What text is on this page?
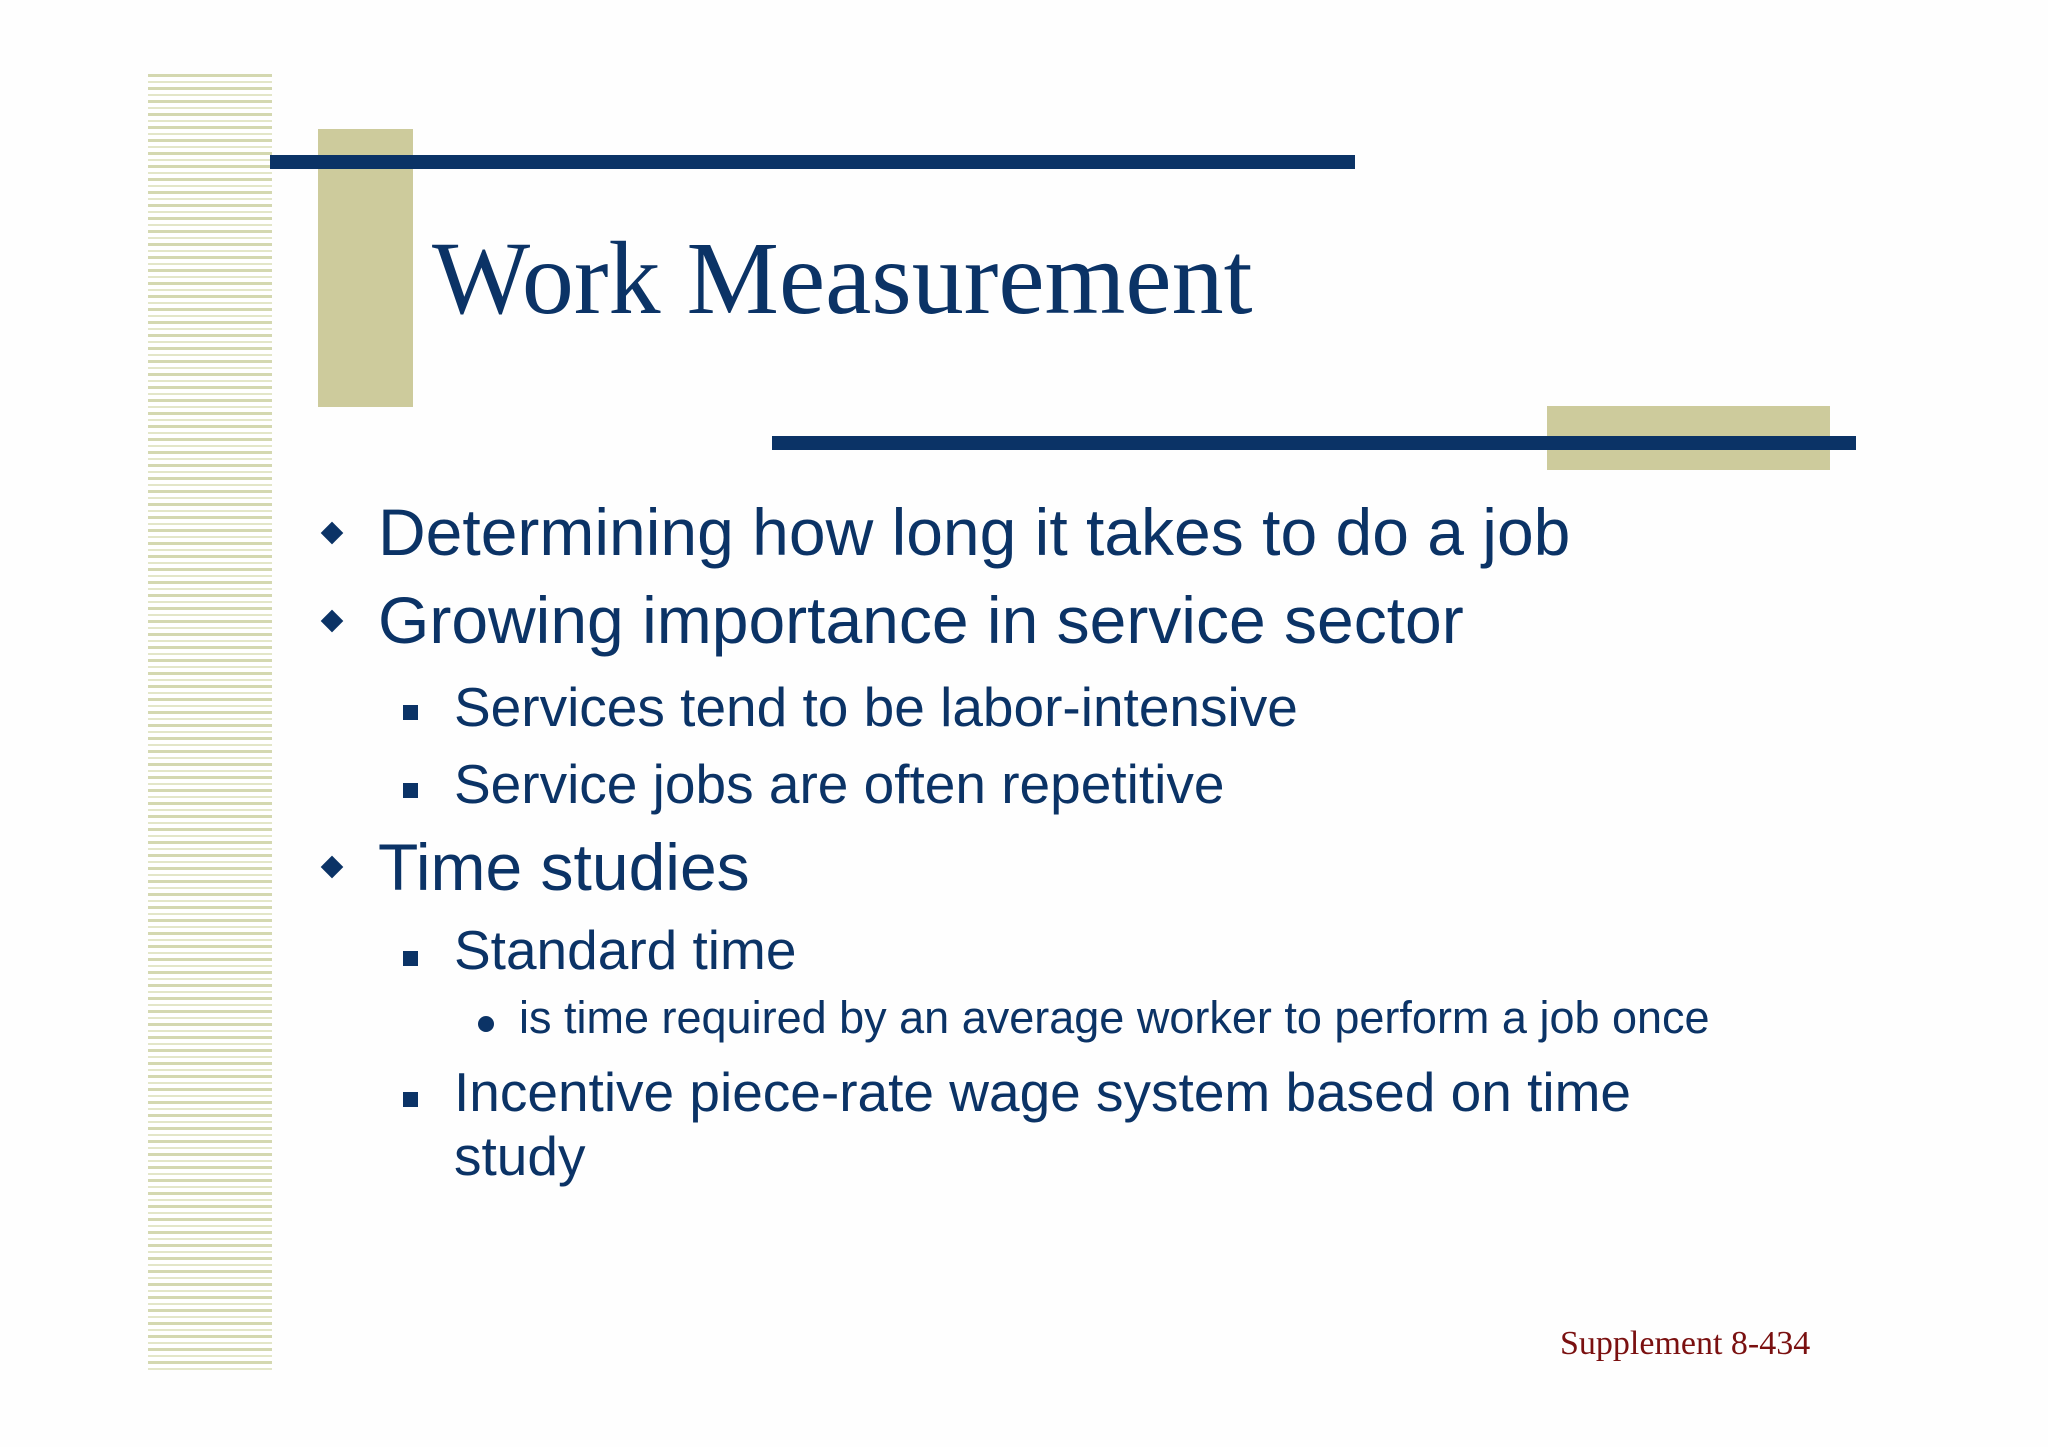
Work Measurement
Determining how long it takes to do a job
Growing importance in service sector
Services tend to be labor-intensive
Service jobs are often repetitive
Time studies
Standard time
is time required by an average worker to perform a job once
Incentive piece-rate wage system based on time
study
Supplement 8-434
